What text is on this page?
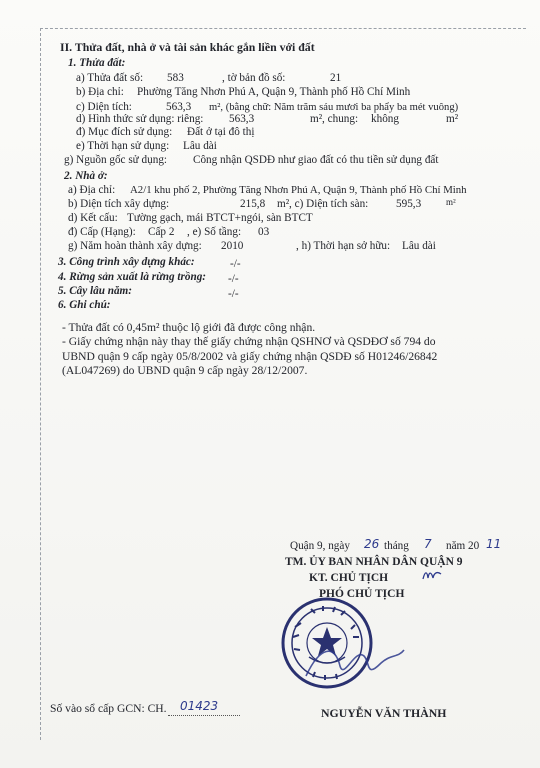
II. Thửa đất, nhà ở và tài sản khác gắn liền với đất
1. Thửa đất:
a) Thửa đất số: 583	, tờ bản đồ số:	21
b) Địa chỉ: Phường Tăng Nhơn Phú A, Quận 9, Thành phố Hồ Chí Minh
c) Diện tích:	563,3 m², (bằng chữ: Năm trăm sáu mươi ba phẩy ba mét vuông)
d) Hình thức sử dụng: riêng: 563,3	m², chung: không	m²
đ) Mục đích sử dụng: Đất ở tại đô thị
e) Thời hạn sử dụng: Lâu dài
g) Nguồn gốc sử dụng: Công nhận QSDĐ như giao đất có thu tiền sử dụng đất
2. Nhà ở:
a) Địa chỉ: A2/1 khu phố 2, Phường Tăng Nhơn Phú A, Quận 9, Thành phố Hồ Chí Minh
b) Diện tích xây dựng:	215,8 m², c) Diện tích sàn: 595,3	m²
d) Kết cấu: Tường gạch, mái BTCT+ngói, sàn BTCT
đ) Cấp (Hạng): Cấp 2 , e) Số tầng: 03
g) Năm hoàn thành xây dựng: 2010	, h) Thời hạn sở hữu: Lâu dài
3. Công trình xây dựng khác:	-/-
4. Rừng sản xuất là rừng trồng: -/-
5. Cây lâu năm:	-/-
6. Ghi chú:
- Thửa đất có 0,45m² thuộc lộ giới đã được công nhận.
- Giấy chứng nhận này thay thế giấy chứng nhận QSHNƠ và QSDĐƠ số 794 do
UBND quận 9 cấp ngày 05/8/2002 và giấy chứng nhận QSDĐ số H01246/26842
(AL047269) do UBND quận 9 cấp ngày 28/12/2007.
Quận 9, ngày 26 tháng 7 năm 20 11
TM. ỦY BAN NHÂN DÂN QUẬN 9
KT. CHỦ TỊCH
PHÓ CHỦ TỊCH
NGUYỄN VĂN THÀNH
Số vào sổ cấp GCN: CH. 01423
